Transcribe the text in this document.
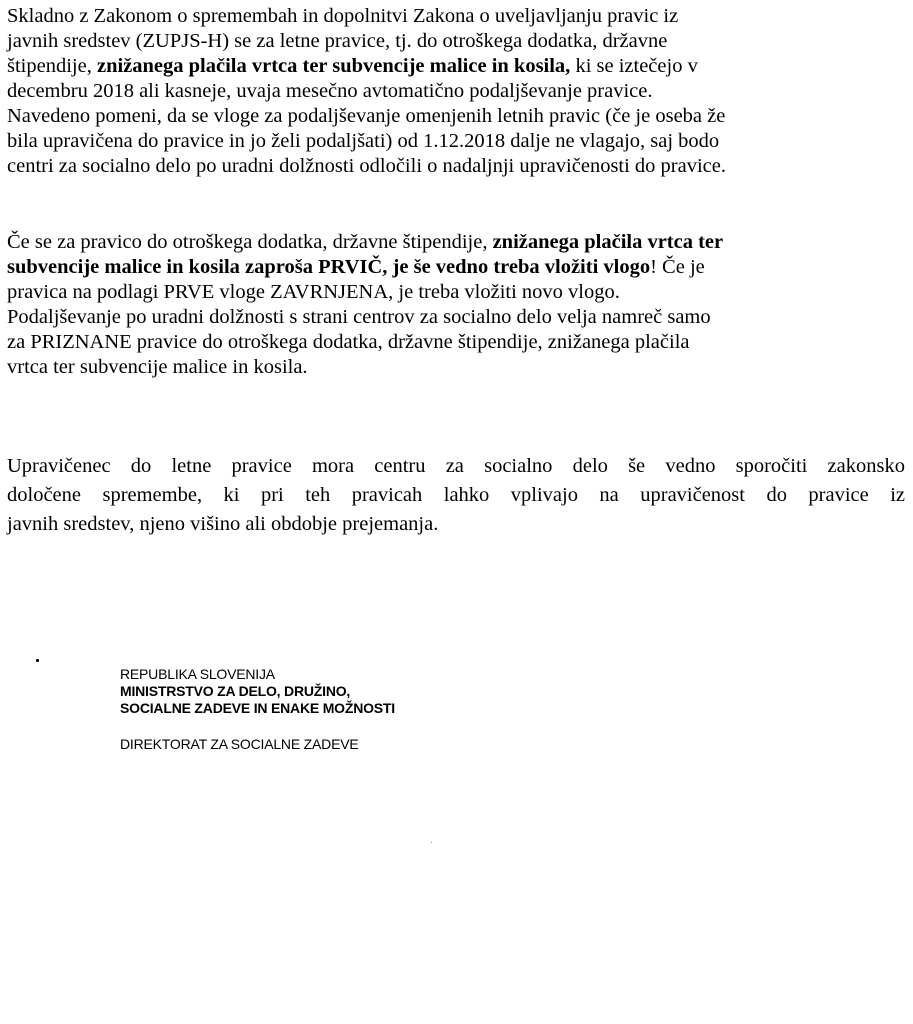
Skladno z Zakonom o spremembah in dopolnitvi Zakona o uveljavljanju pravic iz
javnih sredstev (ZUPJS-H) se za letne pravice, tj. do otroškega dodatka, državne
štipendije, znižanega plačila vrtca ter subvencije malice in kosila, ki se iztečejo v
decembru 2018 ali kasneje, uvaja mesečno avtomatično podaljševanje pravice.
Navedeno pomeni, da se vloge za podaljševanje omenjenih letnih pravic (če je oseba že
bila upravičena do pravice in jo želi podaljšati) od 1.12.2018 dalje ne vlagajo, saj bodo
centri za socialno delo po uradni dolžnosti odločili o nadaljnji upravičenosti do pravice.

Če se za pravico do otroškega dodatka, državne štipendije, znižanega plačila vrtca ter
subvencije malice in kosila zaproša PRVIČ, je še vedno treba vložiti vlogo! Če je
pravica na podlagi PRVE vloge ZAVRNJENA, je treba vložiti novo vlogo.
Podaljševanje po uradni dolžnosti s strani centrov za socialno delo velja namreč samo
za PRIZNANE pravice do otroškega dodatka, državne štipendije, znižanega plačila
vrtca ter subvencije malice in kosila.

Upravičenec do letne pravice mora centru za socialno delo še vedno sporočiti zakonsko
določene spremembe, ki pri teh pravicah lahko vplivajo na upravičenost do pravice iz
javnih sredstev, njeno višino ali obdobje prejemanja.

REPUBLIKA SLOVENIJA
MINISTRSTVO ZA DELO, DRUŽINO,
SOCIALNE ZADEVE IN ENAKE MOŽNOSTI
DIREKTORAT ZA SOCIALNE ZADEVE
